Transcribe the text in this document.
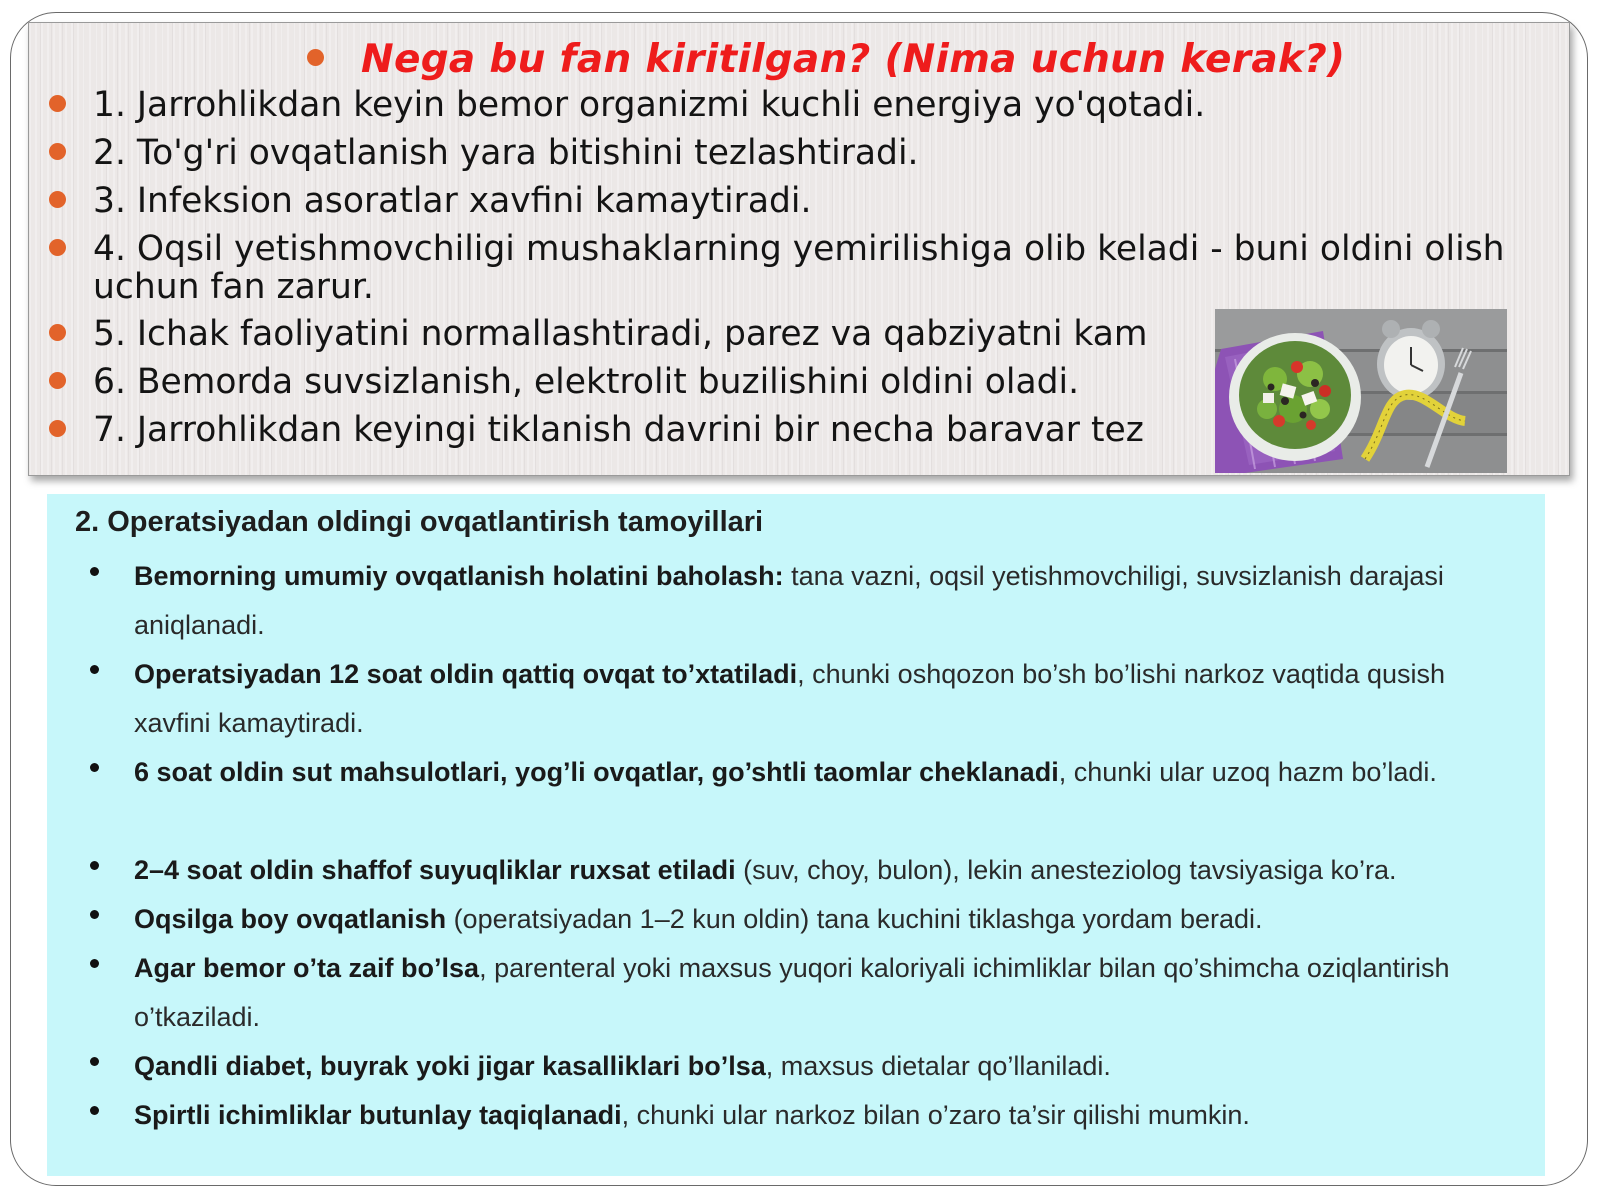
Nega bu fan kiritilgan? (Nima uchun kerak?)
1. Jarrohlikdan keyin bemor organizmi kuchli energiya yo'qotadi.
2. To'g'ri ovqatlanish yara bitishini tezlashtiradi.
3. Infeksion asoratlar xavfini kamaytiradi.
4. Oqsil yetishmovchiligi mushaklarning yemirilishiga olib keladi - buni oldini olish uchun fan zarur.
5. Ichak faoliyatini normallashtiradi, parez va qabziyatni kam
6. Bemorda suvsizlanish, elektrolit buzilishini oldini oladi.
7. Jarrohlikdan keyingi tiklanish davrini bir necha baravar tez
2. Operatsiyadan oldingi ovqatlantirish tamoyillari
Bemorning umumiy ovqatlanish holatini baholash: tana vazni, oqsil yetishmovchiligi, suvsizlanish darajasi aniqlanadi.
Operatsiyadan 12 soat oldin qattiq ovqat to’xtatiladi, chunki oshqozon bo’sh bo’lishi narkoz vaqtida qusish xavfini kamaytiradi.
6 soat oldin sut mahsulotlari, yog’li ovqatlar, go’shtli taomlar cheklanadi, chunki ular uzoq hazm bo’ladi.
2–4 soat oldin shaffof suyuqliklar ruxsat etiladi (suv, choy, bulon), lekin anesteziolog tavsiyasiga ko’ra.
Oqsilga boy ovqatlanish (operatsiyadan 1–2 kun oldin) tana kuchini tiklashga yordam beradi.
Agar bemor o’ta zaif bo’lsa, parenteral yoki maxsus yuqori kaloriyali ichimliklar bilan qo’shimcha oziqlantirish o’tkaziladi.
Qandli diabet, buyrak yoki jigar kasalliklari bo’lsa, maxsus dietalar qo’llaniladi.
Spirtli ichimliklar butunlay taqiqlanadi, chunki ular narkoz bilan o’zaro ta’sir qilishi mumkin.
